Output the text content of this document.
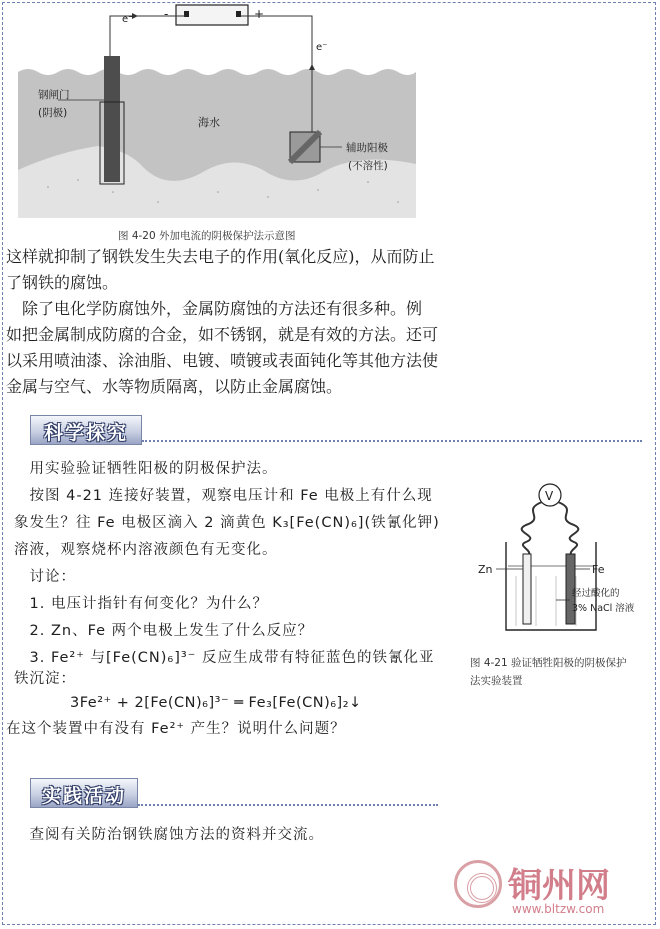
e⁻
e⁻
-	+
钢闸门
(阴极)
海水
辅助阳极
(不溶性)
图 4-20 外加电流的阴极保护法示意图
这样就抑制了钢铁发生失去电子的作用(氧化反应)，从而防止
了钢铁的腐蚀。
　除了电化学防腐蚀外，金属防腐蚀的方法还有很多种。例
如把金属制成防腐的合金，如不锈钢，就是有效的方法。还可
以采用喷油漆、涂油脂、电镀、喷镀或表面钝化等其他方法使
金属与空气、水等物质隔离，以防止金属腐蚀。
科学探究
　用实验验证牺牲阳极的阴极保护法。
　按图 4-21 连接好装置，观察电压计和 Fe 电极上有什么现
象发生？往 Fe 电极区滴入 2 滴黄色 K₃[Fe(CN)₆](铁氰化钾)
溶液，观察烧杯内溶液颜色有无变化。
　讨论：
　1. 电压计指针有何变化？为什么？
　2. Zn、Fe 两个电极上发生了什么反应？
　3. Fe²⁺ 与[Fe(CN)₆]³⁻ 反应生成带有特征蓝色的铁氰化亚
铁沉淀：
3Fe²⁺ + 2[Fe(CN)₆]³⁻ ═ Fe₃[Fe(CN)₆]₂↓
在这个装置中有没有 Fe²⁺ 产生？说明什么问题？
V
Zn	Fe
经过酸化的
3% NaCl 溶液
图 4-21 验证牺牲阳极的阴极保护
法实验装置
实践活动
　查阅有关防治钢铁腐蚀方法的资料并交流。
铜州网
www.bltzw.com
